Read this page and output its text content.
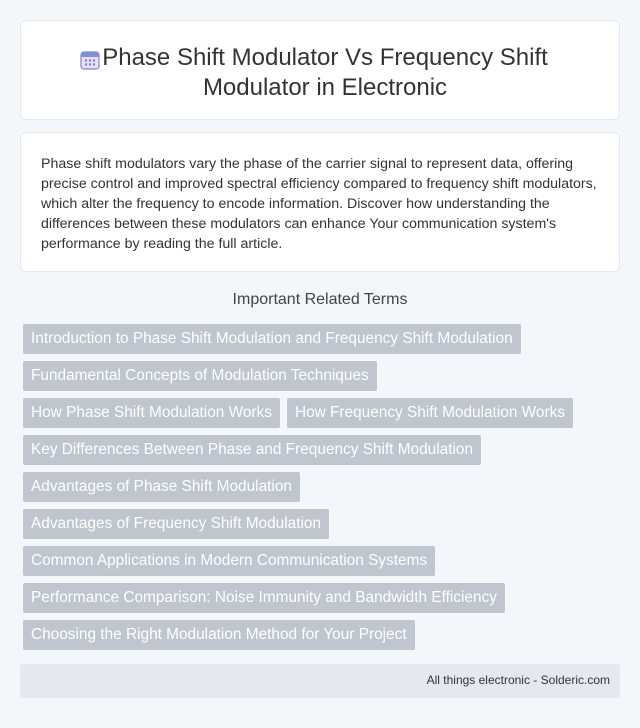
Phase Shift Modulator Vs Frequency Shift Modulator in Electronic

Phase shift modulators vary the phase of the carrier signal to represent data, offering precise control and improved spectral efficiency compared to frequency shift modulators, which alter the frequency to encode information. Discover how understanding the differences between these modulators can enhance Your communication system's performance by reading the full article.

Important Related Terms
Introduction to Phase Shift Modulation and Frequency Shift Modulation
Fundamental Concepts of Modulation Techniques
How Phase Shift Modulation Works	How Frequency Shift Modulation Works
Key Differences Between Phase and Frequency Shift Modulation
Advantages of Phase Shift Modulation
Advantages of Frequency Shift Modulation
Common Applications in Modern Communication Systems
Performance Comparison: Noise Immunity and Bandwidth Efficiency
Choosing the Right Modulation Method for Your Project
All things electronic - Solderic.com
